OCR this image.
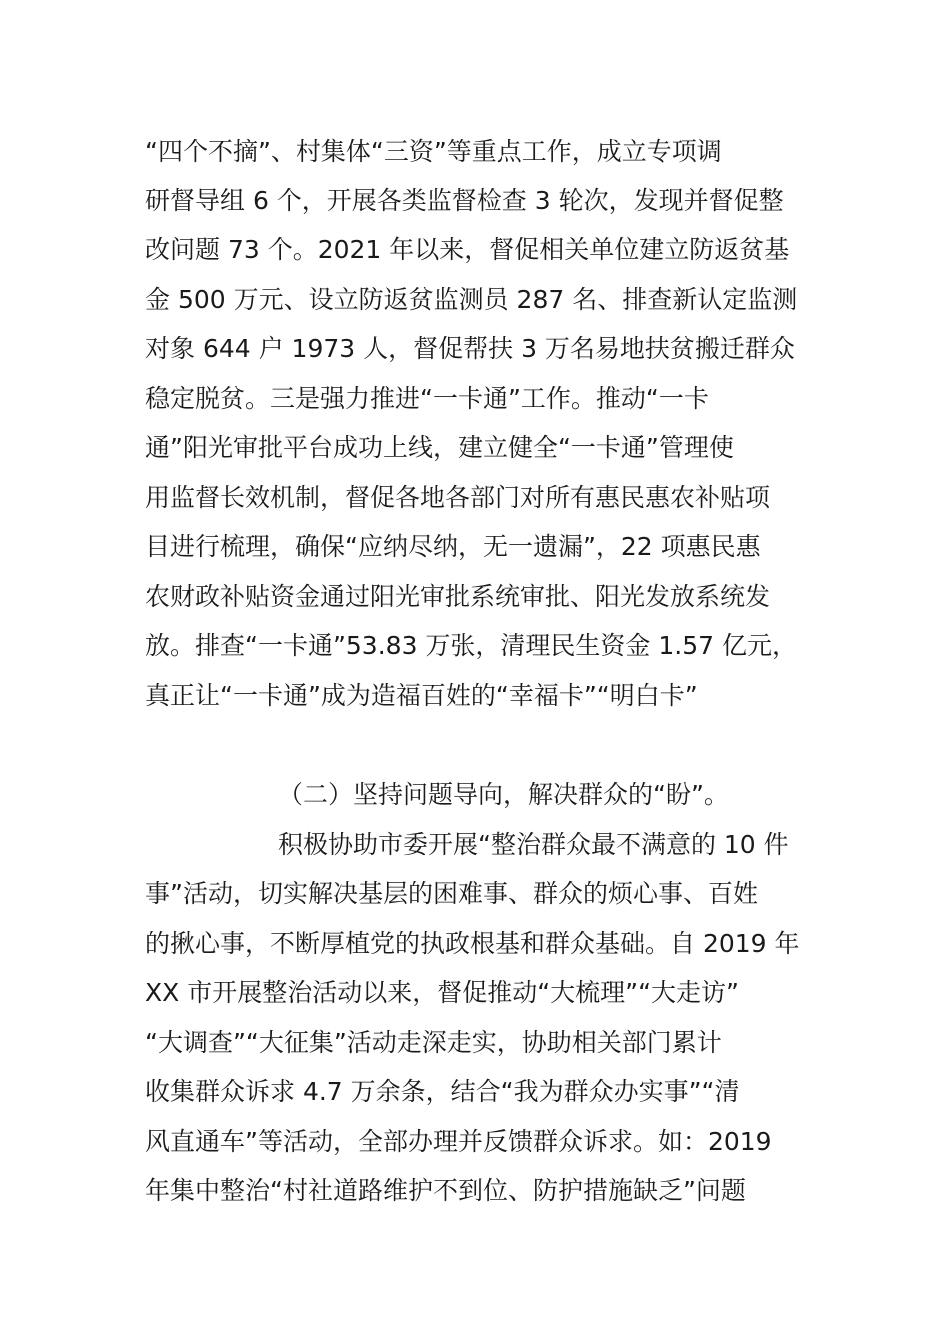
“四个不摘”、村集体“三资”等重点工作，成立专项调
研督导组 6 个，开展各类监督检查 3 轮次，发现并督促整
改问题 73 个。2021 年以来，督促相关单位建立防返贫基
金 500 万元、设立防返贫监测员 287 名、排查新认定监测
对象 644 户 1973 人，督促帮扶 3 万名易地扶贫搬迁群众
稳定脱贫。三是强力推进“一卡通”工作。推动“一卡
通”阳光审批平台成功上线，建立健全“一卡通”管理使
用监督长效机制，督促各地各部门对所有惠民惠农补贴项
目进行梳理，确保“应纳尽纳，无一遗漏”，22 项惠民惠
农财政补贴资金通过阳光审批系统审批、阳光发放系统发
放。排查“一卡通”53.83 万张，清理民生资金 1.57 亿元，
真正让“一卡通”成为造福百姓的“幸福卡”“明白卡”
（二）坚持问题导向，解决群众的“盼”。
积极协助市委开展“整治群众最不满意的 10 件
事”活动，切实解决基层的困难事、群众的烦心事、百姓
的揪心事，不断厚植党的执政根基和群众基础。自 2019 年
XX 市开展整治活动以来，督促推动“大梳理”“大走访”
“大调查”“大征集”活动走深走实，协助相关部门累计
收集群众诉求 4.7 万余条，结合“我为群众办实事”“清
风直通车”等活动，全部办理并反馈群众诉求。如：2019
年集中整治“村社道路维护不到位、防护措施缺乏”问题
